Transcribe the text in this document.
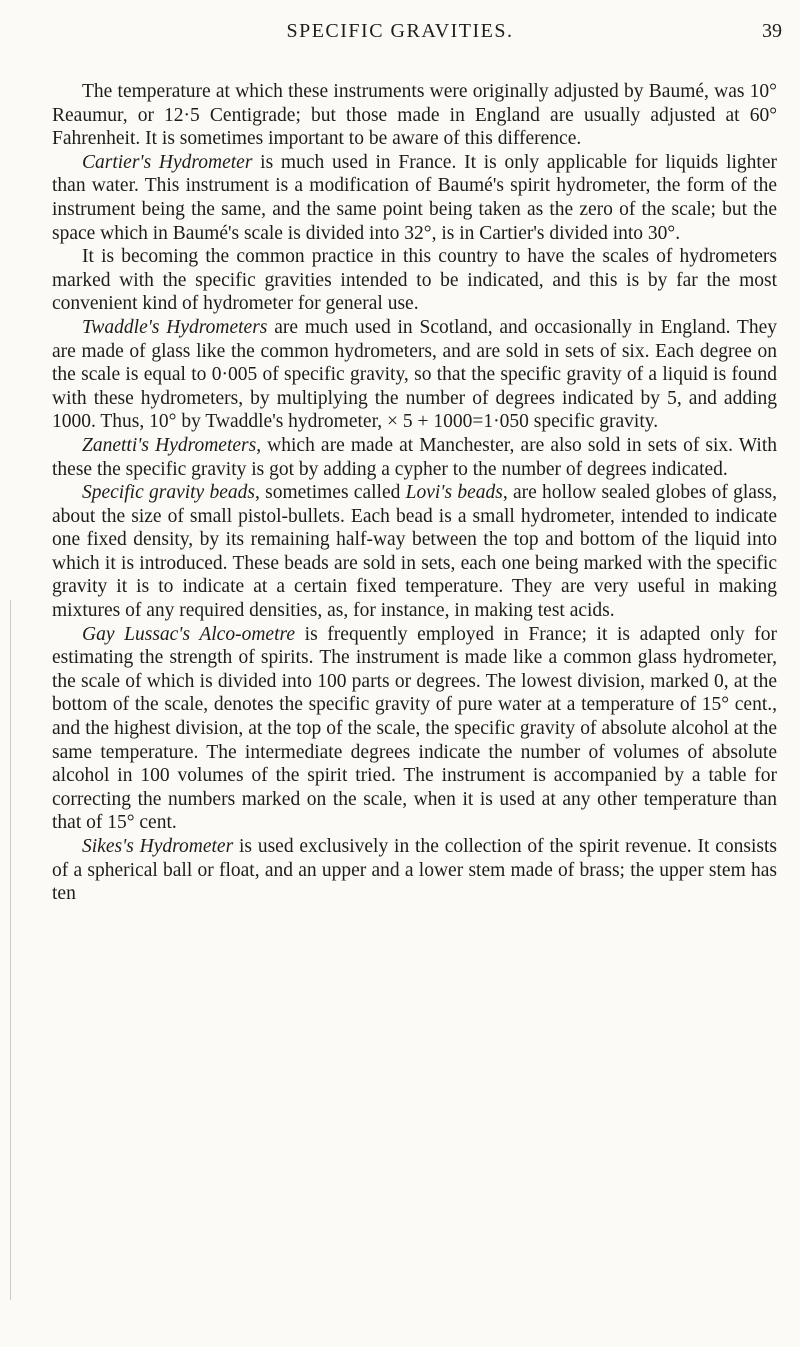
SPECIFIC GRAVITIES.	39

The temperature at which these instruments were originally adjusted by Baumé, was 10° Reaumur, or 12·5 Centigrade; but those made in England are usually adjusted at 60° Fahrenheit. It is sometimes important to be aware of this difference.

Cartier's Hydrometer is much used in France. It is only applicable for liquids lighter than water. This instrument is a modification of Baumé's spirit hydrometer, the form of the instrument being the same, and the same point being taken as the zero of the scale; but the space which in Baumé's scale is divided into 32°, is in Cartier's divided into 30°.

It is becoming the common practice in this country to have the scales of hydrometers marked with the specific gravities intended to be indicated, and this is by far the most convenient kind of hydrometer for general use.

Twaddle's Hydrometers are much used in Scotland, and occasionally in England. They are made of glass like the common hydrometers, and are sold in sets of six. Each degree on the scale is equal to 0·005 of specific gravity, so that the specific gravity of a liquid is found with these hydrometers, by multiplying the number of degrees indicated by 5, and adding 1000. Thus, 10° by Twaddle's hydrometer, × 5 + 1000=1·050 specific gravity.

Zanetti's Hydrometers, which are made at Manchester, are also sold in sets of six. With these the specific gravity is got by adding a cypher to the number of degrees indicated.

Specific gravity beads, sometimes called Lovi's beads, are hollow sealed globes of glass, about the size of small pistol-bullets. Each bead is a small hydrometer, intended to indicate one fixed density, by its remaining half-way between the top and bottom of the liquid into which it is introduced. These beads are sold in sets, each one being marked with the specific gravity it is to indicate at a certain fixed temperature. They are very useful in making mixtures of any required densities, as, for instance, in making test acids.

Gay Lussac's Alco-ometre is frequently employed in France; it is adapted only for estimating the strength of spirits. The instrument is made like a common glass hydrometer, the scale of which is divided into 100 parts or degrees. The lowest division, marked 0, at the bottom of the scale, denotes the specific gravity of pure water at a temperature of 15° cent., and the highest division, at the top of the scale, the specific gravity of absolute alcohol at the same temperature. The intermediate degrees indicate the number of volumes of absolute alcohol in 100 volumes of the spirit tried. The instrument is accompanied by a table for correcting the numbers marked on the scale, when it is used at any other temperature than that of 15° cent.

Sikes's Hydrometer is used exclusively in the collection of the spirit revenue. It consists of a spherical ball or float, and an upper and a lower stem made of brass; the upper stem has ten
